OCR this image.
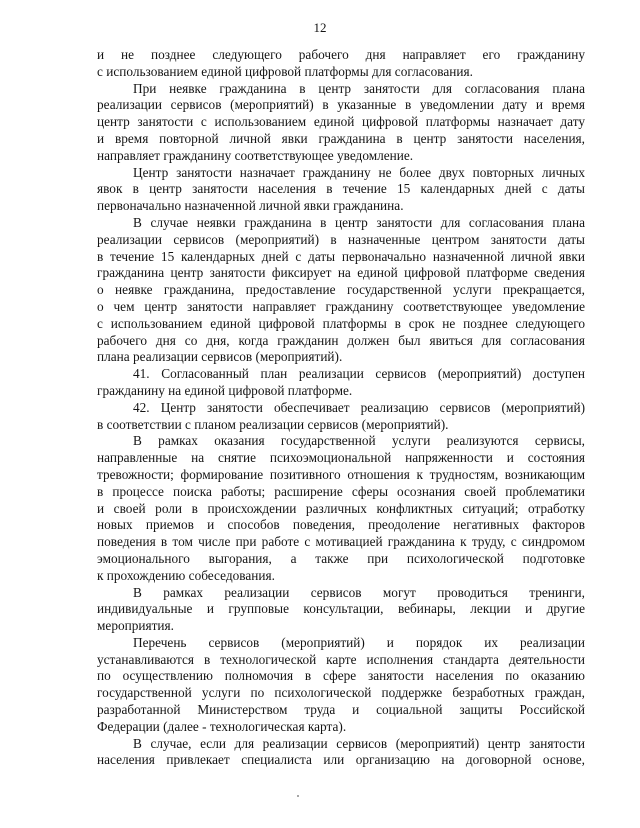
12

и не позднее следующего рабочего дня направляет его гражданину
с использованием единой цифровой платформы для согласования.

При неявке гражданина в центр занятости для согласования плана
реализации сервисов (мероприятий) в указанные в уведомлении дату и время
центр занятости с использованием единой цифровой платформы назначает дату
и время повторной личной явки гражданина в центр занятости населения,
направляет гражданину соответствующее уведомление.

Центр занятости назначает гражданину не более двух повторных личных
явок в центр занятости населения в течение 15 календарных дней с даты
первоначально назначенной личной явки гражданина.

В случае неявки гражданина в центр занятости для согласования плана
реализации сервисов (мероприятий) в назначенные центром занятости даты
в течение 15 календарных дней с даты первоначально назначенной личной явки
гражданина центр занятости фиксирует на единой цифровой платформе сведения
о неявке гражданина, предоставление государственной услуги прекращается,
о чем центр занятости направляет гражданину соответствующее уведомление
с использованием единой цифровой платформы в срок не позднее следующего
рабочего дня со дня, когда гражданин должен был явиться для согласования
плана реализации сервисов (мероприятий).

41. Согласованный план реализации сервисов (мероприятий) доступен
гражданину на единой цифровой платформе.

42. Центр занятости обеспечивает реализацию сервисов (мероприятий)
в соответствии с планом реализации сервисов (мероприятий).

В рамках оказания государственной услуги реализуются сервисы,
направленные на снятие психоэмоциональной напряженности и состояния
тревожности; формирование позитивного отношения к трудностям, возникающим
в процессе поиска работы; расширение сферы осознания своей проблематики
и своей роли в происхождении различных конфликтных ситуаций; отработку
новых приемов и способов поведения, преодоление негативных факторов
поведения в том числе при работе с мотивацией гражданина к труду, с синдромом
эмоционального выгорания, а также при психологической подготовке
к прохождению собеседования.

В рамках реализации сервисов могут проводиться тренинги,
индивидуальные и групповые консультации, вебинары, лекции и другие
мероприятия.

Перечень сервисов (мероприятий) и порядок их реализации
устанавливаются в технологической карте исполнения стандарта деятельности
по осуществлению полномочия в сфере занятости населения по оказанию
государственной услуги по психологической поддержке безработных граждан,
разработанной Министерством труда и социальной защиты Российской
Федерации (далее - технологическая карта).

В случае, если для реализации сервисов (мероприятий) центр занятости
населения привлекает специалиста или организацию на договорной основе,
